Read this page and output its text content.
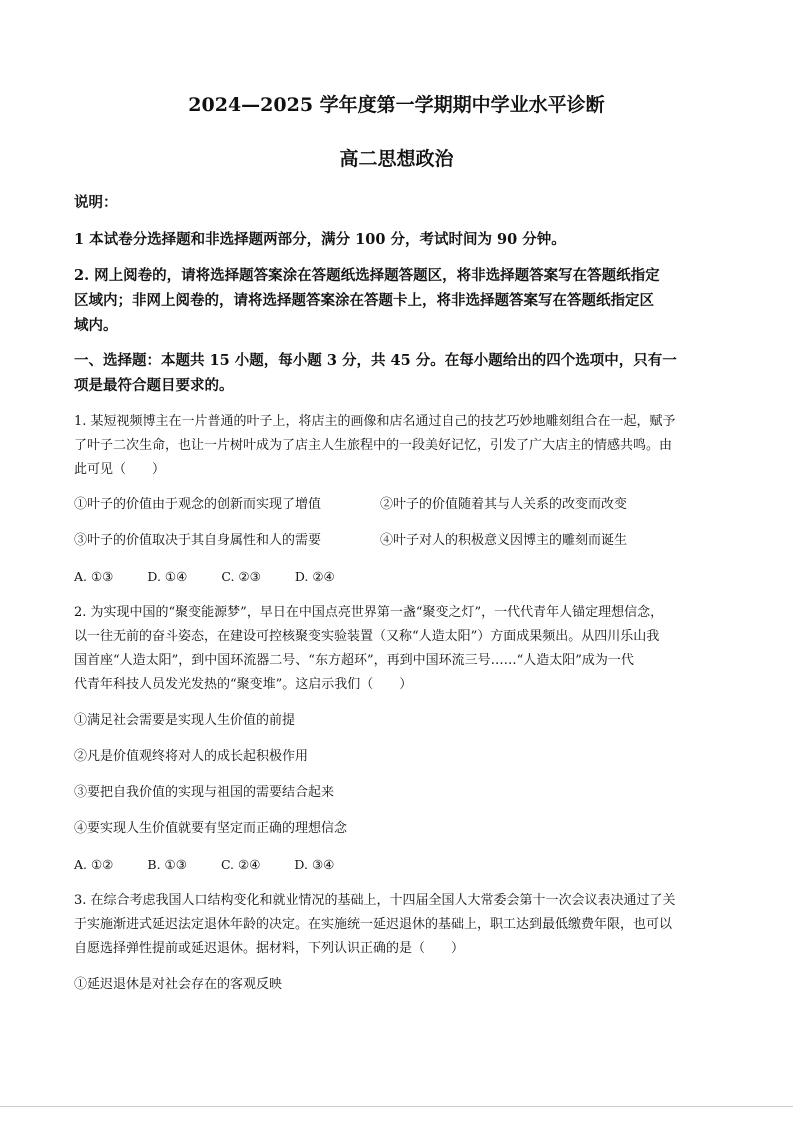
2024—2025 学年度第一学期期中学业水平诊断
高二思想政治
说明：
1 本试卷分选择题和非选择题两部分，满分 100 分，考试时间为 90 分钟。
2. 网上阅卷的，请将选择题答案涂在答题纸选择题答题区，将非选择题答案写在答题纸指定
区域内；非网上阅卷的，请将选择题答案涂在答题卡上，将非选择题答案写在答题纸指定区
域内。
一、选择题：本题共 15 小题，每小题 3 分，共 45 分。在每小题给出的四个选项中，只有一
项是最符合题目要求的。
1. 某短视频博主在一片普通的叶子上，将店主的画像和店名通过自己的技艺巧妙地雕刻组合在一起，赋予
了叶子二次生命，也让一片树叶成为了店主人生旅程中的一段美好记忆，引发了广大店主的情感共鸣。由
此可见（　　）
①叶子的价值由于观念的创新而实现了增值	②叶子的价值随着其与人关系的改变而改变
③叶子的价值取决于其自身属性和人的需要	④叶子对人的积极意义因博主的雕刻而诞生
A. ①③	D. ①④	C. ②③	D. ②④
2. 为实现中国的“聚变能源梦”，早日在中国点亮世界第一盏“聚变之灯”，一代代青年人锚定理想信念，
以一往无前的奋斗姿态，在建设可控核聚变实验装置（又称“人造太阳”）方面成果频出。从四川乐山我
国首座“人造太阳”，到中国环流器二号、“东方超环”，再到中国环流三号……“人造太阳”成为一代
代青年科技人员发光发热的“聚变堆”。这启示我们（　　）
①满足社会需要是实现人生价值的前提
②凡是价值观终将对人的成长起积极作用
③要把自我价值的实现与祖国的需要结合起来
④要实现人生价值就要有坚定而正确的理想信念
A. ①②	B. ①③	C. ②④	D. ③④
3. 在综合考虑我国人口结构变化和就业情况的基础上，十四届全国人大常委会第十一次会议表决通过了关
于实施渐进式延迟法定退休年龄的决定。在实施统一延迟退休的基础上，职工达到最低缴费年限，也可以
自愿选择弹性提前或延迟退休。据材料，下列认识正确的是（　　）
①延迟退休是对社会存在的客观反映
